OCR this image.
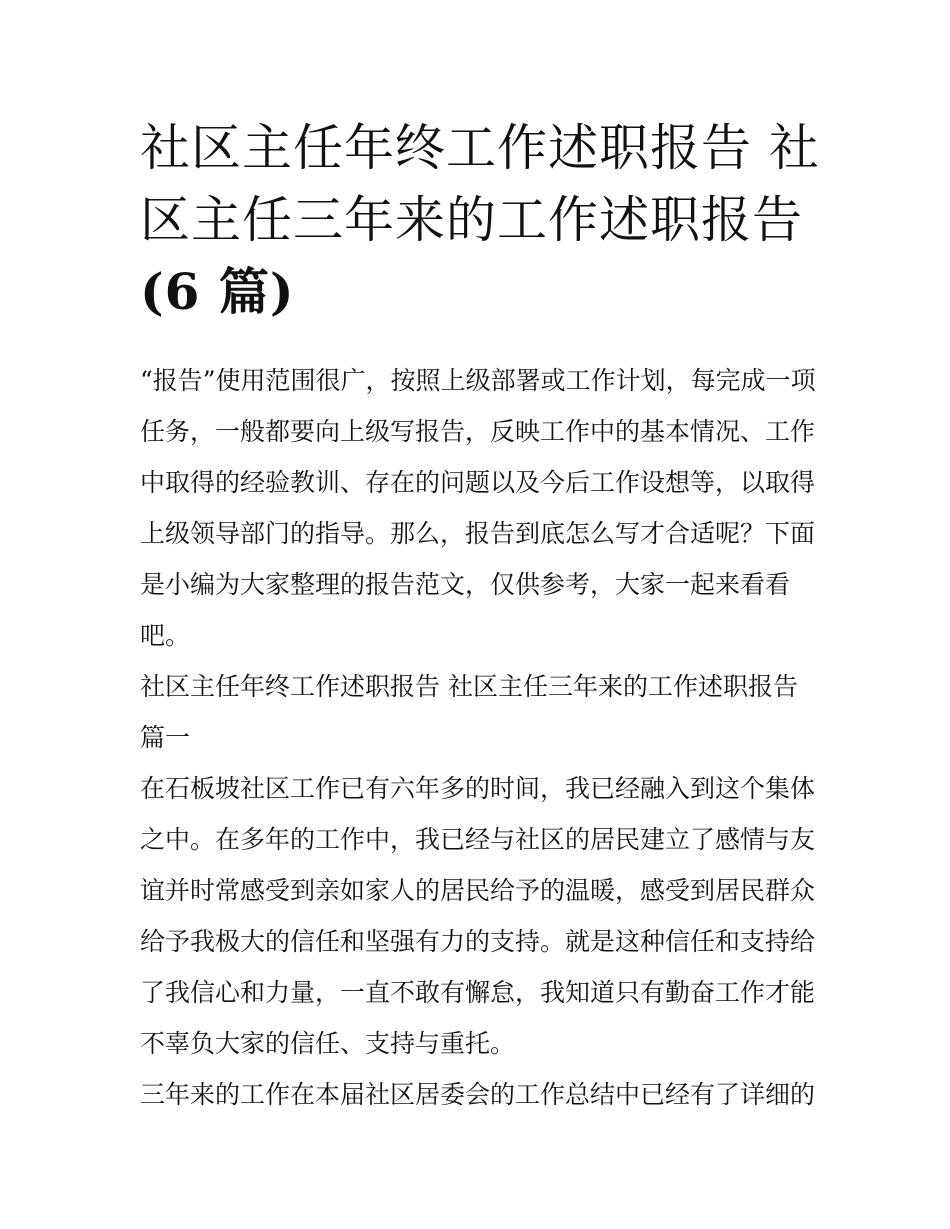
社区主任年终工作述职报告 社
区主任三年来的工作述职报告
(6 篇)
“报告”使用范围很广，按照上级部署或工作计划，每完成一项
任务，一般都要向上级写报告，反映工作中的基本情况、工作
中取得的经验教训、存在的问题以及今后工作设想等，以取得
上级领导部门的指导。那么，报告到底怎么写才合适呢？下面
是小编为大家整理的报告范文，仅供参考，大家一起来看看
吧。
社区主任年终工作述职报告 社区主任三年来的工作述职报告
篇一
在石板坡社区工作已有六年多的时间，我已经融入到这个集体
之中。在多年的工作中，我已经与社区的居民建立了感情与友
谊并时常感受到亲如家人的居民给予的温暖，感受到居民群众
给予我极大的信任和坚强有力的支持。就是这种信任和支持给
了我信心和力量，一直不敢有懈怠，我知道只有勤奋工作才能
不辜负大家的信任、支持与重托。
三年来的工作在本届社区居委会的工作总结中已经有了详细的
